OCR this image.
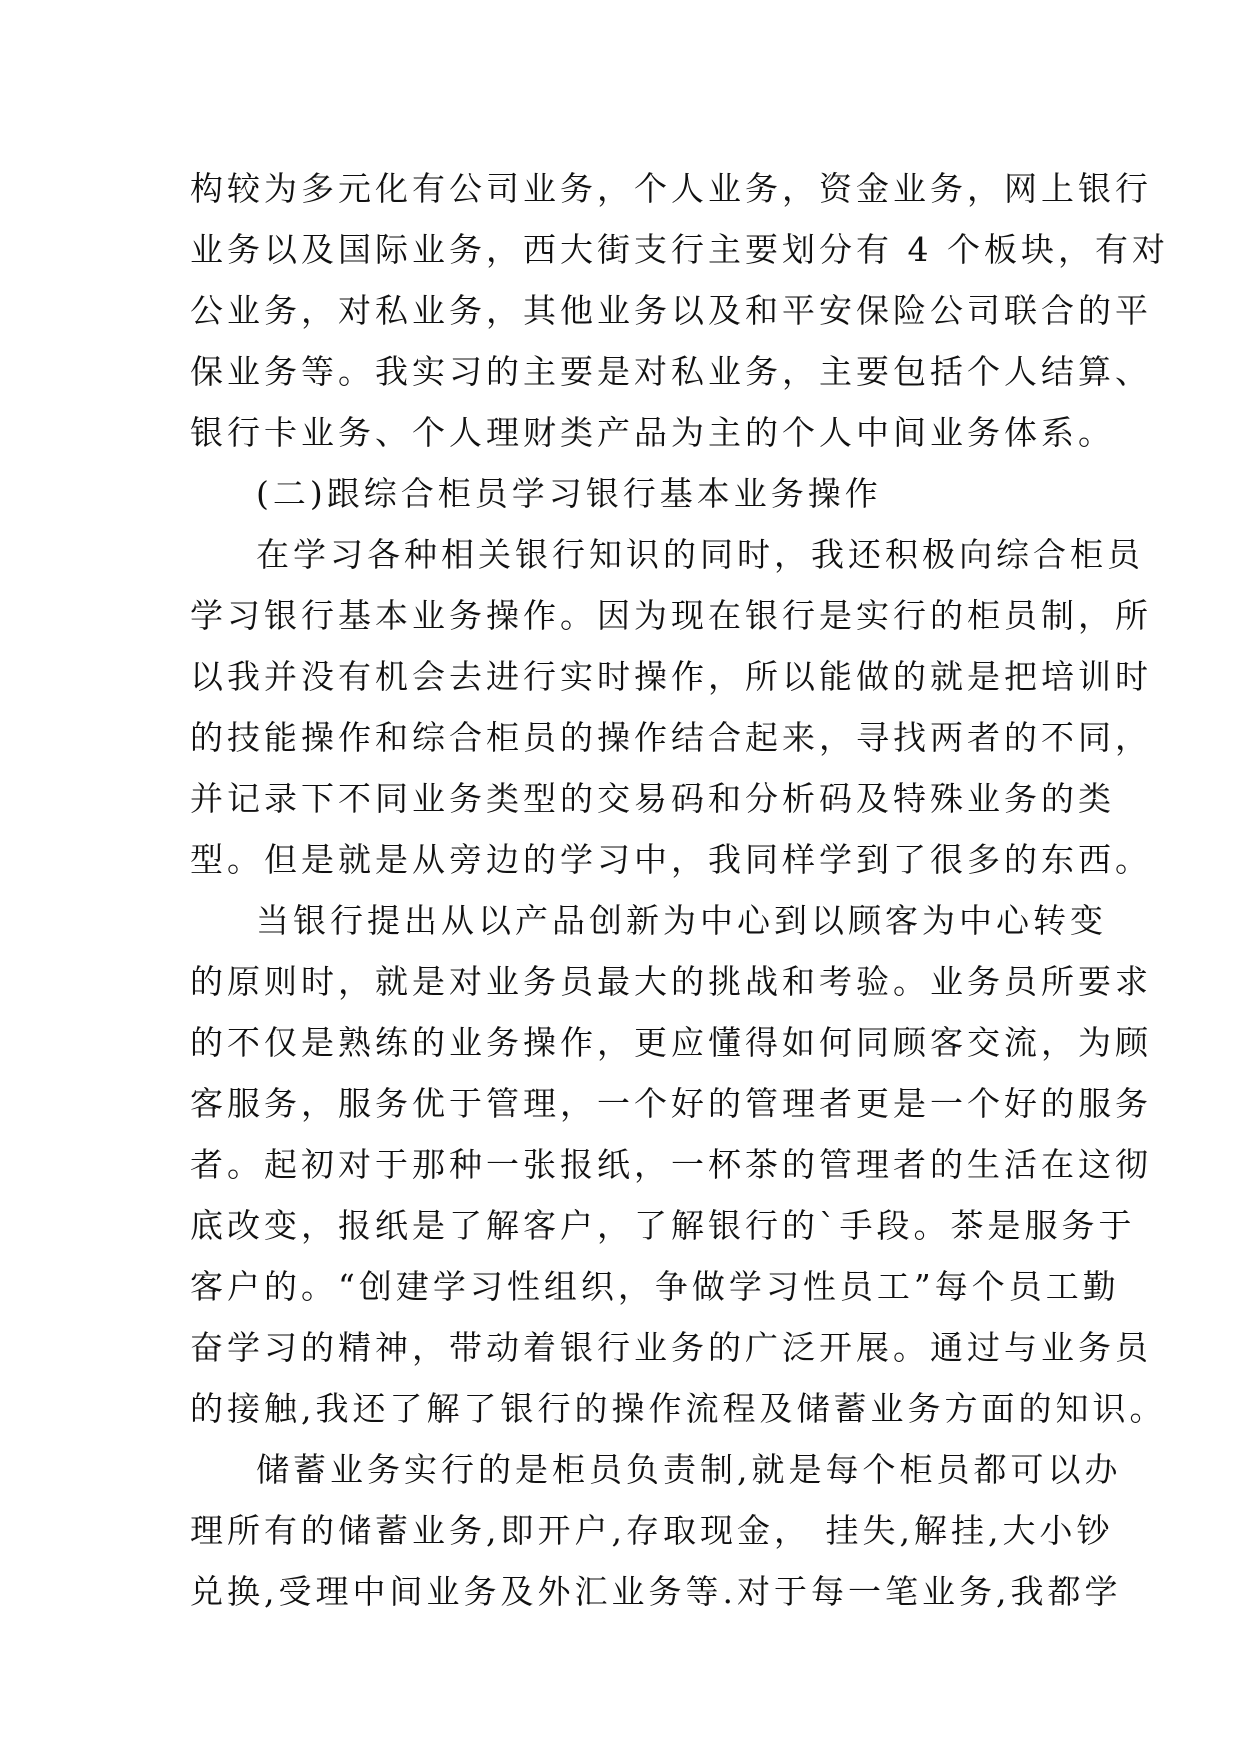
构较为多元化有公司业务，个人业务，资金业务，网上银行
业务以及国际业务，西大街支行主要划分有 4 个板块，有对
公业务，对私业务，其他业务以及和平安保险公司联合的平
保业务等。我实习的主要是对私业务，主要包括个人结算、
银行卡业务、个人理财类产品为主的个人中间业务体系。
(二)跟综合柜员学习银行基本业务操作
在学习各种相关银行知识的同时，我还积极向综合柜员
学习银行基本业务操作。因为现在银行是实行的柜员制，所
以我并没有机会去进行实时操作，所以能做的就是把培训时
的技能操作和综合柜员的操作结合起来，寻找两者的不同，
并记录下不同业务类型的交易码和分析码及特殊业务的类
型。但是就是从旁边的学习中，我同样学到了很多的东西。
当银行提出从以产品创新为中心到以顾客为中心转变
的原则时，就是对业务员最大的挑战和考验。业务员所要求
的不仅是熟练的业务操作，更应懂得如何同顾客交流，为顾
客服务，服务优于管理，一个好的管理者更是一个好的服务
者。起初对于那种一张报纸，一杯茶的管理者的生活在这彻
底改变，报纸是了解客户，了解银行的`手段。茶是服务于
客户的。“创建学习性组织，争做学习性员工”每个员工勤
奋学习的精神，带动着银行业务的广泛开展。通过与业务员
的接触,我还了解了银行的操作流程及储蓄业务方面的知识。
储蓄业务实行的是柜员负责制,就是每个柜员都可以办
理所有的储蓄业务,即开户,存取现金， 挂失,解挂,大小钞
兑换,受理中间业务及外汇业务等.对于每一笔业务,我都学
